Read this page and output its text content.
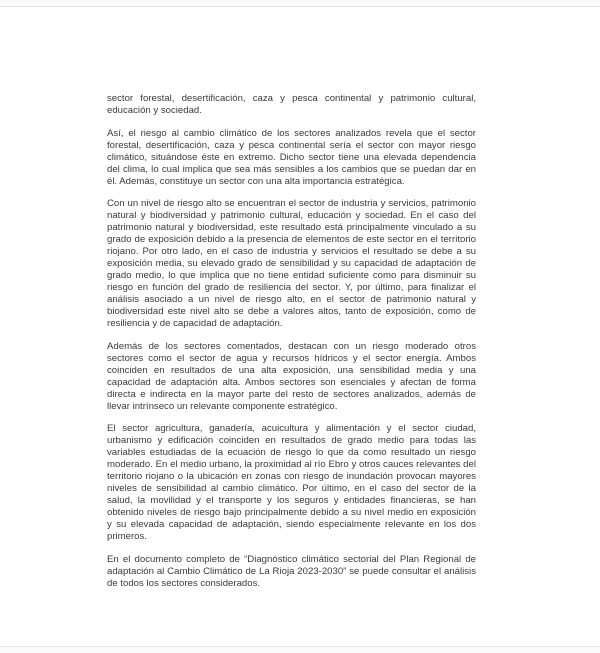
sector forestal, desertificación, caza y pesca continental y patrimonio cultural, educación y sociedad.

Así, el riesgo al cambio climático de los sectores analizados revela que el sector forestal, desertificación, caza y pesca continental sería el sector con mayor riesgo climático, situándose éste en extremo. Dicho sector tiene una elevada dependencia del clima, lo cual implica que sea más sensibles a los cambios que se puedan dar en él. Además, constituye un sector con una alta importancia estratégica.

Con un nivel de riesgo alto se encuentran el sector de industria y servicios, patrimonio natural y biodiversidad y patrimonio cultural, educación y sociedad. En el caso del patrimonio natural y biodiversidad, este resultado está principalmente vinculado a su grado de exposición debido a la presencia de elementos de este sector en el territorio riojano. Por otro lado, en el caso de industria y servicios el resultado se debe a su exposición media, su elevado grado de sensibilidad y su capacidad de adaptación de grado medio, lo que implica que no tiene entidad suficiente como para disminuir su riesgo en función del grado de resiliencia del sector. Y, por último, para finalizar el análisis asociado a un nivel de riesgo alto, en el sector de patrimonio natural y biodiversidad este nivel alto se debe a valores altos, tanto de exposición, como de resiliencia y de capacidad de adaptación.

Además de los sectores comentados, destacan con un riesgo moderado otros sectores como el sector de agua y recursos hídricos y el sector energía. Ambos coinciden en resultados de una alta exposición, una sensibilidad media y una capacidad de adaptación alta. Ambos sectores son esenciales y afectan de forma directa e indirecta en la mayor parte del resto de sectores analizados, además de llevar intrínseco un relevante componente estratégico.

El sector agricultura, ganadería, acuicultura y alimentación y el sector ciudad, urbanismo y edificación coinciden en resultados de grado medio para todas las variables estudiadas de la ecuación de riesgo lo que da como resultado un riesgo moderado. En el medio urbano, la proximidad al río Ebro y otros cauces relevantes del territorio riojano o la ubicación en zonas con riesgo de inundación provocan mayores niveles de sensibilidad al cambio climático. Por último, en el caso del sector de la salud, la movilidad y el transporte y los seguros y entidades financieras, se han obtenido niveles de riesgo bajo principalmente debido a su nivel medio en exposición y su elevada capacidad de adaptación, siendo especialmente relevante en los dos primeros.

En el documento completo de “Diagnóstico climático sectorial del Plan Regional de adaptación al Cambio Climático de La Rioja 2023-2030” se puede consultar el análisis de todos los sectores considerados.
